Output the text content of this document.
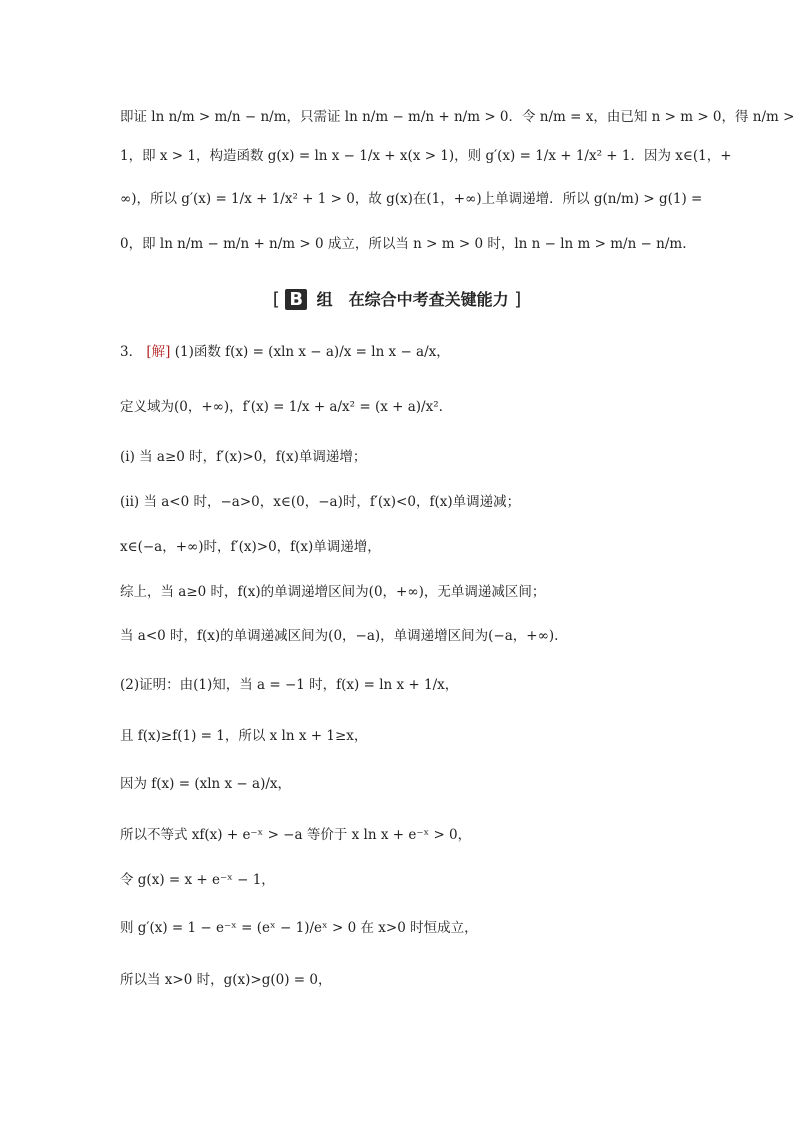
即证 ln n/m > m/n − n/m，只需证 ln n/m − m/n + n/m > 0．令 n/m = x，由已知 n > m > 0，得 n/m >
1，即 x > 1，构造函数 g(x) = ln x − 1/x + x(x > 1)，则 g′(x) = 1/x + 1/x² + 1．因为 x∈(1，+
∞)，所以 g′(x) = 1/x + 1/x² + 1 > 0，故 g(x)在(1，+∞)上单调递增．所以 g(n/m) > g(1) =
0，即 ln n/m − m/n + n/m > 0 成立，所以当 n > m > 0 时，ln n − ln m > m/n − n/m.
[ B 组　在综合中考查关键能力 ]
3． [解] (1)函数 f(x) = (xln x − a)/x = ln x − a/x，
定义域为(0，+∞)，f′(x) = 1/x + a/x² = (x + a)/x².
(i) 当 a≥0 时，f′(x)>0，f(x)单调递增；
(ii) 当 a<0 时，−a>0，x∈(0，−a)时，f′(x)<0，f(x)单调递减；
x∈(−a，+∞)时，f′(x)>0，f(x)单调递增，
综上，当 a≥0 时，f(x)的单调递增区间为(0，+∞)，无单调递减区间；
当 a<0 时，f(x)的单调递减区间为(0，−a)，单调递增区间为(−a，+∞).
(2)证明：由(1)知，当 a = −1 时，f(x) = ln x + 1/x，
且 f(x)≥f(1) = 1，所以 x ln x + 1≥x，
因为 f(x) = (xln x − a)/x，
所以不等式 xf(x) + e⁻ˣ > −a 等价于 x ln x + e⁻ˣ > 0，
令 g(x) = x + e⁻ˣ − 1，
则 g′(x) = 1 − e⁻ˣ = (eˣ − 1)/eˣ > 0 在 x>0 时恒成立，
所以当 x>0 时，g(x)>g(0) = 0，
